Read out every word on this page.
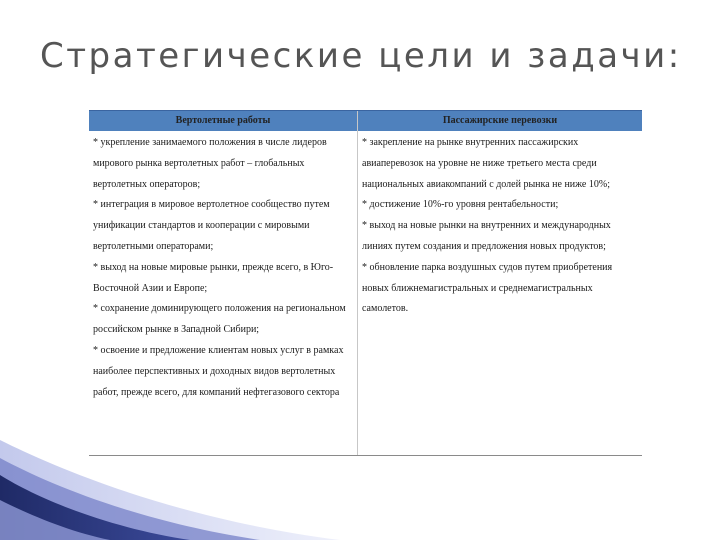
Стратегические цели и задачи:
Вертолетные работы	Пассажирские перевозки
* укрепление занимаемого положения в числе лидеров мирового рынка вертолетных работ – глобальных вертолетных операторов;
* интеграция в мировое вертолетное сообщество путем унификации стандартов и кооперации с мировыми вертолетными операторами;
* выход на новые мировые рынки, прежде всего, в Юго-Восточной Азии и Европе;
* сохранение доминирующего положения на региональном российском рынке в Западной Сибири;
* освоение и предложение клиентам новых услуг в рамках наиболее перспективных и доходных видов вертолетных работ, прежде всего, для компаний нефтегазового сектора
* закрепление на рынке внутренних пассажирских авиаперевозок на уровне не ниже третьего места среди национальных авиакомпаний с долей рынка не ниже 10%;
* достижение 10%-го уровня рентабельности;
* выход на новые рынки на внутренних и международных линиях путем создания и предложения новых продуктов;
* обновление парка воздушных судов путем приобретения новых ближнемагистральных и среднемагистральных самолетов.
